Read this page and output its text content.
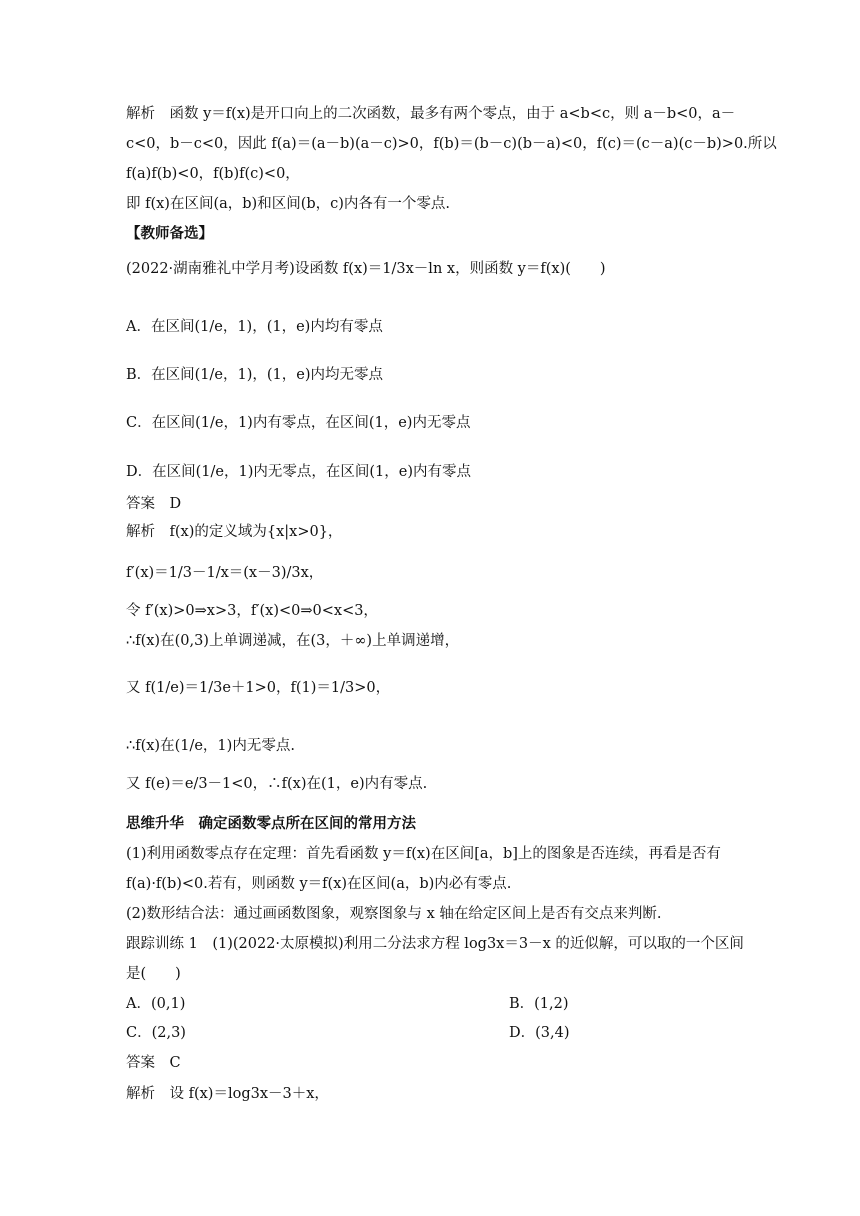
解析　函数 y＝f(x)是开口向上的二次函数，最多有两个零点，由于 a<b<c，则 a－b<0，a－
c<0，b－c<0，因此 f(a)＝(a－b)(a－c)>0，f(b)＝(b－c)(b－a)<0，f(c)＝(c－a)(c－b)>0.所以
f(a)f(b)<0，f(b)f(c)<0，
即 f(x)在区间(a，b)和区间(b，c)内各有一个零点.
【教师备选】
(2022·湖南雅礼中学月考)设函数 f(x)＝1/3x－ln x，则函数 y＝f(x)(　　)
A．在区间(1/e，1)，(1，e)内均有零点
B．在区间(1/e，1)，(1，e)内均无零点
C．在区间(1/e，1)内有零点，在区间(1，e)内无零点
D．在区间(1/e，1)内无零点，在区间(1，e)内有零点
答案　D
解析　f(x)的定义域为{x|x>0}，
f′(x)＝1/3－1/x＝(x－3)/3x，
令 f′(x)>0⇒x>3，f′(x)<0⇒0<x<3，
∴f(x)在(0,3)上单调递减，在(3，＋∞)上单调递增，
又 f(1/e)＝1/3e＋1>0，f(1)＝1/3>0，
∴f(x)在(1/e，1)内无零点.
又 f(e)＝e/3－1<0，∴f(x)在(1，e)内有零点.
思维升华　确定函数零点所在区间的常用方法
(1)利用函数零点存在定理：首先看函数 y＝f(x)在区间[a，b]上的图象是否连续，再看是否有
f(a)·f(b)<0.若有，则函数 y＝f(x)在区间(a，b)内必有零点.
(2)数形结合法：通过画函数图象，观察图象与 x 轴在给定区间上是否有交点来判断.
跟踪训练 1　(1)(2022·太原模拟)利用二分法求方程 log3x＝3－x 的近似解，可以取的一个区间
是(　　)
A．(0,1)	B．(1,2)
C．(2,3)	D．(3,4)
答案　C
解析　设 f(x)＝log3x－3＋x，
